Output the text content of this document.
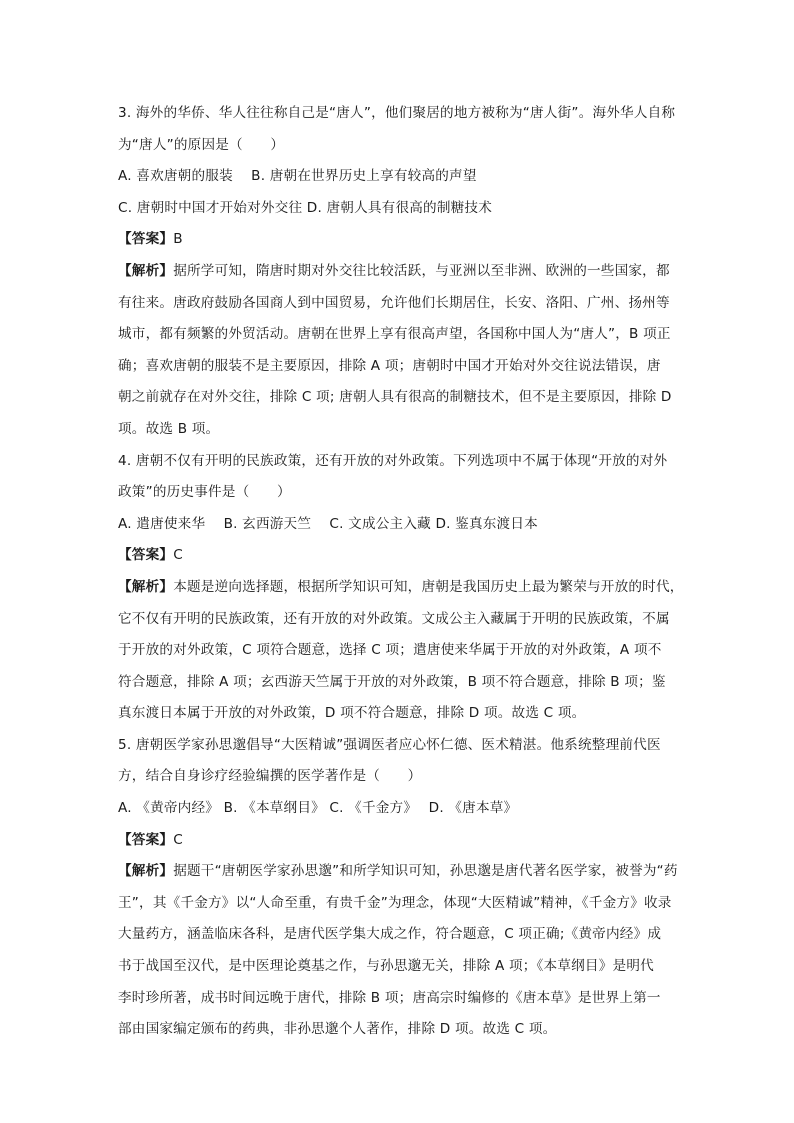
3. 海外的华侨、华人往往称自己是“唐人”，他们聚居的地方被称为“唐人街”。海外华人自称
为“唐人”的原因是（　　）
A. 喜欢唐朝的服装　 B. 唐朝在世界历史上享有较高的声望
C. 唐朝时中国才开始对外交往 D. 唐朝人具有很高的制糖技术
【答案】B
【解析】据所学可知，隋唐时期对外交往比较活跃，与亚洲以至非洲、欧洲的一些国家，都
有往来。唐政府鼓励各国商人到中国贸易，允许他们长期居住，长安、洛阳、广州、扬州等
城市，都有频繁的外贸活动。唐朝在世界上享有很高声望，各国称中国人为“唐人”，B 项正
确；喜欢唐朝的服装不是主要原因，排除 A 项；唐朝时中国才开始对外交往说法错误，唐
朝之前就存在对外交往，排除 C 项; 唐朝人具有很高的制糖技术，但不是主要原因，排除 D
项。故选 B 项。
4. 唐朝不仅有开明的民族政策，还有开放的对外政策。下列选项中不属于体现“开放的对外
政策”的历史事件是（　　）
A. 遣唐使来华　 B. 玄西游天竺　 C. 文成公主入藏 D. 鉴真东渡日本
【答案】C
【解析】本题是逆向选择题，根据所学知识可知，唐朝是我国历史上最为繁荣与开放的时代，
它不仅有开明的民族政策，还有开放的对外政策。文成公主入藏属于开明的民族政策，不属
于开放的对外政策，C 项符合题意，选择 C 项；遣唐使来华属于开放的对外政策，A 项不
符合题意，排除 A 项；玄西游天竺属于开放的对外政策，B 项不符合题意，排除 B 项；鉴
真东渡日本属于开放的对外政策，D 项不符合题意，排除 D 项。故选 C 项。
5. 唐朝医学家孙思邈倡导“大医精诚”强调医者应心怀仁德、医术精湛。他系统整理前代医
方，结合自身诊疗经验编撰的医学著作是（　　）
A. 《黄帝内经》 B. 《本草纲目》 C. 《千金方》　 D. 《唐本草》
【答案】C
【解析】据题干“唐朝医学家孙思邈”和所学知识可知，孙思邈是唐代著名医学家，被誉为“药
王”，其《千金方》以“人命至重，有贵千金”为理念，体现“大医精诚”精神，《千金方》收录
大量药方，涵盖临床各科，是唐代医学集大成之作，符合题意，C 项正确;《黄帝内经》成
书于战国至汉代，是中医理论奠基之作，与孙思邈无关，排除 A 项；《本草纲目》是明代
李时珍所著，成书时间远晚于唐代，排除 B 项；唐高宗时编修的《唐本草》是世界上第一
部由国家编定颁布的药典，非孙思邈个人著作，排除 D 项。故选 C 项。
